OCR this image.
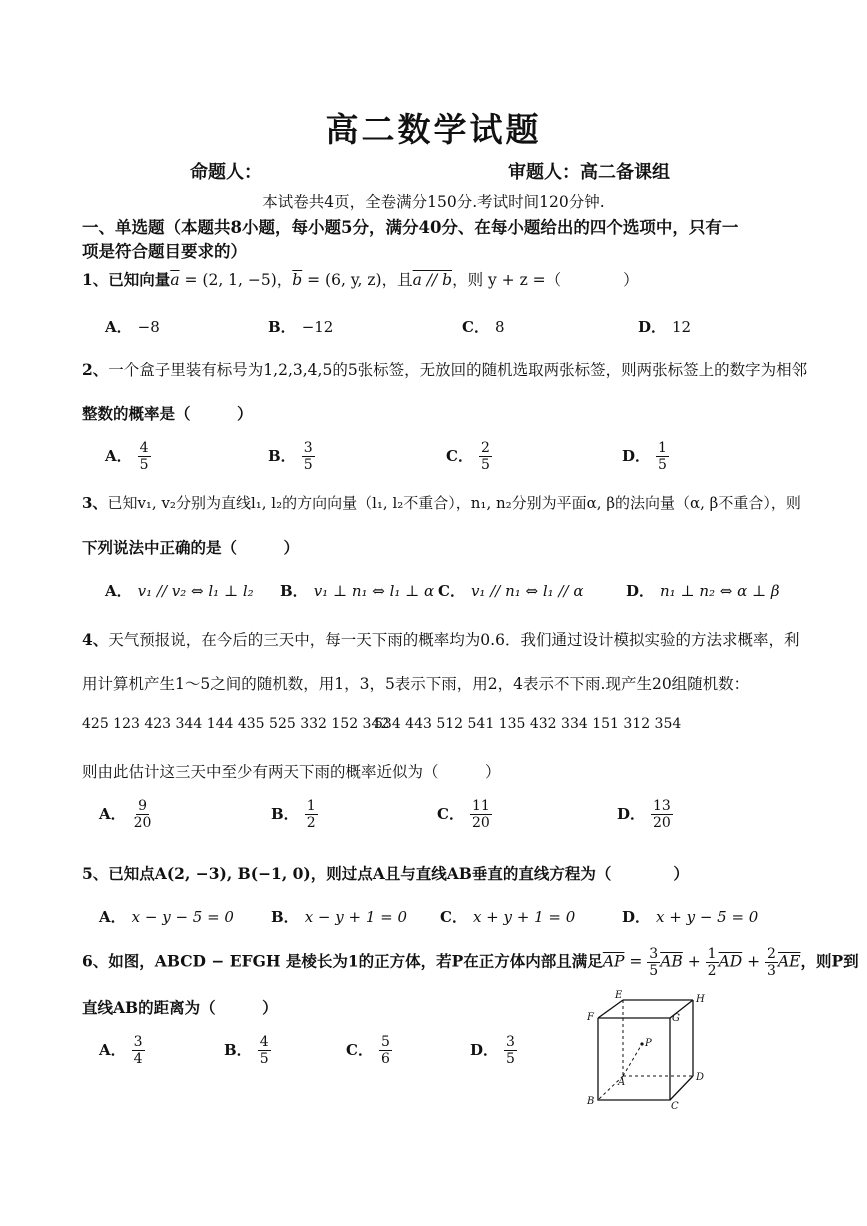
高二数学试题
命题人：	审题人：高二备课组
本试卷共4页，全卷满分150分.考试时间120分钟.
一、单选题（本题共8小题，每小题5分，满分40分、在每小题给出的四个选项中，只有一
项是符合题目要求的）
1、已知向量$\overline{a} = (2$, 1, −5)，$\overline{b} = (6$, y, z)，且a // b，则 y + z =（　　　　）
A． −8	B． −12	C． 8	D． 12
2、一个盒子里装有标号为1,2,3,4,5的5张标签，无放回的随机选取两张标签，则两张标签上的数字为相邻
整数的概率是（　　　）
A． $\frac{4}{5}$	B． $\frac{3}{5}$	C． $\frac{2}{5}$	D． $\frac{1}{5}$
3、已知v₁, v₂分别为直线l₁, l₂的方向向量（l₁, l₂不重合），n₁, n₂分别为平面α, β的法向量（α, β不重合），则
下列说法中正确的是（　　　）
A． v₁ // v₂ ⇔ l₁ ⊥ l₂ B． v₁ ⊥ n₁ ⇔ l₁ ⊥ α C． v₁ // n₁ ⇔ l₁ // α	D． n₁ ⊥ n₂ ⇔ α ⊥ β
4、天气预报说，在今后的三天中，每一天下雨的概率均为0.6．我们通过设计模拟实验的方法求概率，利
用计算机产生1～5之间的随机数，用1，3，5表示下雨，用2，4表示不下雨.现产生20组随机数：
425 123 423 344 144 435 525 332 152 342
534 443 512 541 135 432 334 151 312 354
则由此估计这三天中至少有两天下雨的概率近似为（　　　）
A． $\frac{9}{20}$	B． $\frac{1}{2}$	C． $\frac{11}{20}$	D． $\frac{13}{20}$
5、已知点A(2, −3), B(−1, 0)，则过点A且与直线AB垂直的直线方程为（　　　　）
A． x − y − 5 = 0 B． x − y + 1 = 0 C． x + y + 1 = 0	D． x + y − 5 = 0
6、如图，ABCD − EFGH 是棱长为1的正方体，若P在正方体内部且满足$\overline{AP} = \frac{3}{5} \overline{AB} + \frac{1}{2} \overline{AD} + \frac{2}{3} \overline{AE}$，则P到
直线AB的距离为（　　　）
A． $\frac{3}{4}$	B． $\frac{4}{5}$	C． $\frac{5}{6}$	D． $\frac{3}{5}$
E	H
F	G
P
A	D
B	C
